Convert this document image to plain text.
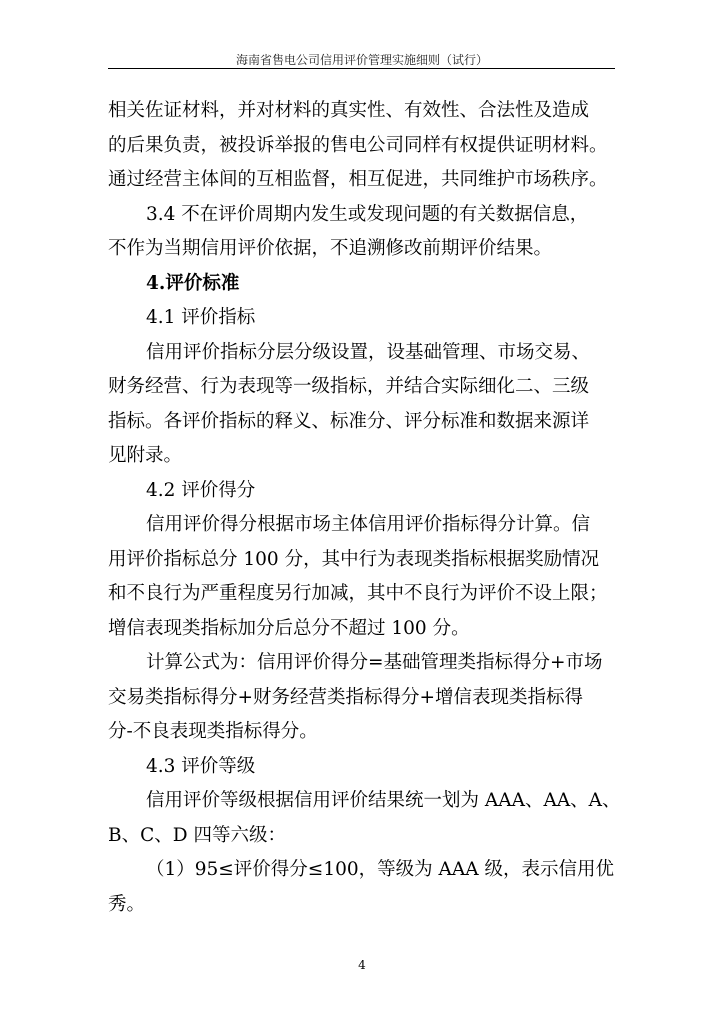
海南省售电公司信用评价管理实施细则（试行）

相关佐证材料，并对材料的真实性、有效性、合法性及造成

的后果负责，被投诉举报的售电公司同样有权提供证明材料。

通过经营主体间的互相监督，相互促进，共同维护市场秩序。

3.4 不在评价周期内发生或发现问题的有关数据信息，

不作为当期信用评价依据，不追溯修改前期评价结果。

4.评价标准

4.1 评价指标

信用评价指标分层分级设置，设基础管理、市场交易、

财务经营、行为表现等一级指标，并结合实际细化二、三级

指标。各评价指标的释义、标准分、评分标准和数据来源详

见附录。

4.2 评价得分

信用评价得分根据市场主体信用评价指标得分计算。信

用评价指标总分 100 分，其中行为表现类指标根据奖励情况

和不良行为严重程度另行加减，其中不良行为评价不设上限；

增信表现类指标加分后总分不超过 100 分。

计算公式为：信用评价得分=基础管理类指标得分+市场

交易类指标得分+财务经营类指标得分+增信表现类指标得

分-不良表现类指标得分。

4.3 评价等级

信用评价等级根据信用评价结果统一划为 AAA、AA、A、

B、C、D 四等六级：

（1）95≤评价得分≤100，等级为 AAA 级，表示信用优

秀。

4
